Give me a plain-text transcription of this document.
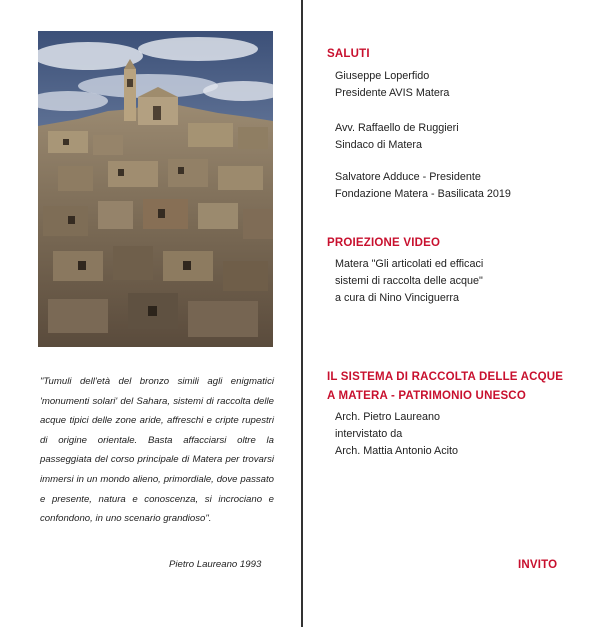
"Tumuli dell'età del bronzo simili agli enigmatici 'monumenti solari' del Sahara, sistemi di raccolta delle acque tipici delle zone aride, affreschi e cripte rupestri di origine orientale. Basta affacciarsi oltre la passeggiata del corso principale di Matera per trovarsi immersi in un mondo alieno, primordiale, dove passato e presente, natura e conoscenza, si incrociano e confondono, in uno scenario grandioso".
Pietro Laureano 1993
SALUTI
Giuseppe Loperfido
Presidente AVIS Matera
Avv. Raffaello de Ruggieri
Sindaco di Matera
Salvatore Adduce - Presidente
Fondazione Matera - Basilicata 2019
PROIEZIONE VIDEO
Matera "Gli articolati ed efficaci
sistemi di raccolta delle acque"
a cura di Nino Vinciguerra
IL SISTEMA DI RACCOLTA DELLE ACQUE
A MATERA - PATRIMONIO UNESCO
Arch. Pietro Laureano
intervistato da
Arch. Mattia Antonio Acito
INVITO
